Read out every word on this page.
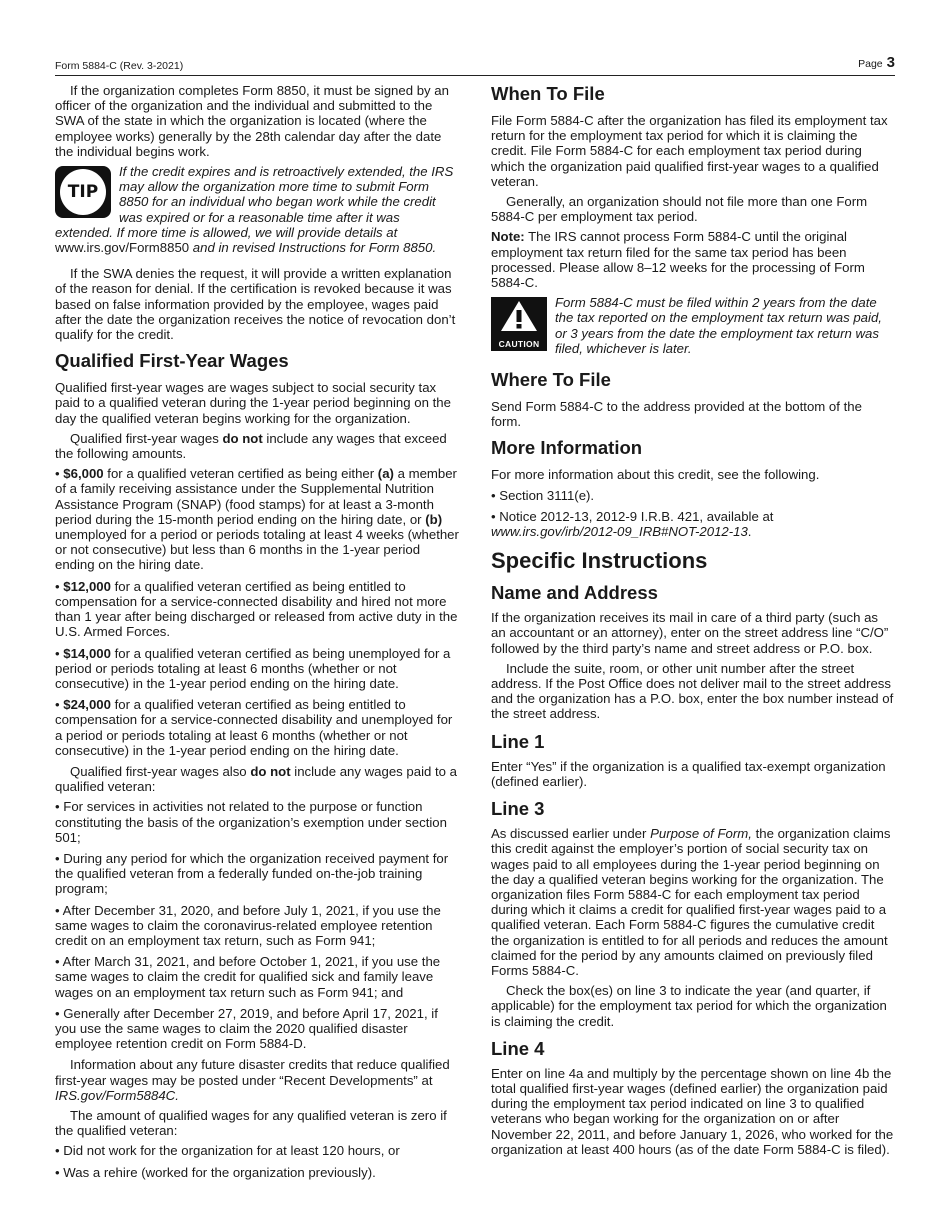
Form 5884-C (Rev. 3-2021)	Page 3

If the organization completes Form 8850, it must be signed by an officer of the organization and the individual and submitted to the SWA of the state in which the organization is located (where the employee works) generally by the 28th calendar day after the date the individual begins work.

TIP

If the credit expires and is retroactively extended, the IRS may allow the organization more time to submit Form 8850 for an individual who began work while the credit was expired or for a reasonable time after it was extended. If more time is allowed, we will provide details at www.irs.gov/Form8850 and in revised Instructions for Form 8850.

If the SWA denies the request, it will provide a written explanation of the reason for denial. If the certification is revoked because it was based on false information provided by the employee, wages paid after the date the organization receives the notice of revocation don’t qualify for the credit.

Qualified First-Year Wages

Qualified first-year wages are wages subject to social security tax paid to a qualified veteran during the 1-year period beginning on the day the qualified veteran begins working for the organization.

Qualified first-year wages do not include any wages that exceed the following amounts.

• $6,000 for a qualified veteran certified as being either (a) a member of a family receiving assistance under the Supplemental Nutrition Assistance Program (SNAP) (food stamps) for at least a 3-month period during the 15-month period ending on the hiring date, or (b) unemployed for a period or periods totaling at least 4 weeks (whether or not consecutive) but less than 6 months in the 1-year period ending on the hiring date.

• $12,000 for a qualified veteran certified as being entitled to compensation for a service-connected disability and hired not more than 1 year after being discharged or released from active duty in the U.S. Armed Forces.

• $14,000 for a qualified veteran certified as being unemployed for a period or periods totaling at least 6 months (whether or not consecutive) in the 1-year period ending on the hiring date.

• $24,000 for a qualified veteran certified as being entitled to compensation for a service-connected disability and unemployed for a period or periods totaling at least 6 months (whether or not consecutive) in the 1-year period ending on the hiring date.

Qualified first-year wages also do not include any wages paid to a qualified veteran:

• For services in activities not related to the purpose or function constituting the basis of the organization’s exemption under section 501;

• During any period for which the organization received payment for the qualified veteran from a federally funded on-the-job training program;

• After December 31, 2020, and before July 1, 2021, if you use the same wages to claim the coronavirus-related employee retention credit on an employment tax return, such as Form 941;

• After March 31, 2021, and before October 1, 2021, if you use the same wages to claim the credit for qualified sick and family leave wages on an employment tax return such as Form 941; and

• Generally after December 27, 2019, and before April 17, 2021, if you use the same wages to claim the 2020 qualified disaster employee retention credit on Form 5884-D.

Information about any future disaster credits that reduce qualified first-year wages may be posted under “Recent Developments” at IRS.gov/Form5884C.

The amount of qualified wages for any qualified veteran is zero if the qualified veteran:

• Did not work for the organization for at least 120 hours, or

• Was a rehire (worked for the organization previously).

When To File

File Form 5884-C after the organization has filed its employment tax return for the employment tax period for which it is claiming the credit. File Form 5884-C for each employment tax period during which the organization paid qualified first-year wages to a qualified veteran.

Generally, an organization should not file more than one Form 5884-C per employment tax period.

Note: The IRS cannot process Form 5884-C until the original employment tax return filed for the same tax period has been processed. Please allow 8–12 weeks for the processing of Form 5884-C.

CAUTION

Form 5884-C must be filed within 2 years from the date the tax reported on the employment tax return was paid, or 3 years from the date the employment tax return was filed, whichever is later.

Where To File

Send Form 5884-C to the address provided at the bottom of the form.

More Information

For more information about this credit, see the following.

• Section 3111(e).

• Notice 2012-13, 2012-9 I.R.B. 421, available at www.irs.gov/irb/2012-09_IRB#NOT-2012-13.

Specific Instructions
Name and Address

If the organization receives its mail in care of a third party (such as an accountant or an attorney), enter on the street address line “C/O” followed by the third party’s name and street address or P.O. box.

Include the suite, room, or other unit number after the street address. If the Post Office does not deliver mail to the street address and the organization has a P.O. box, enter the box number instead of the street address.

Line 1

Enter “Yes” if the organization is a qualified tax-exempt organization (defined earlier).

Line 3

As discussed earlier under Purpose of Form, the organization claims this credit against the employer’s portion of social security tax on wages paid to all employees during the 1-year period beginning on the day a qualified veteran begins working for the organization. The organization files Form 5884-C for each employment tax period during which it claims a credit for qualified first-year wages paid to a qualified veteran. Each Form 5884-C figures the cumulative credit the organization is entitled to for all periods and reduces the amount claimed for the period by any amounts claimed on previously filed Forms 5884-C.

Check the box(es) on line 3 to indicate the year (and quarter, if applicable) for the employment tax period for which the organization is claiming the credit.

Line 4

Enter on line 4a and multiply by the percentage shown on line 4b the total qualified first-year wages (defined earlier) the organization paid during the employment tax period indicated on line 3 to qualified veterans who began working for the organization on or after November 22, 2011, and before January 1, 2026, who worked for the organization at least 400 hours (as of the date Form 5884-C is filed).
